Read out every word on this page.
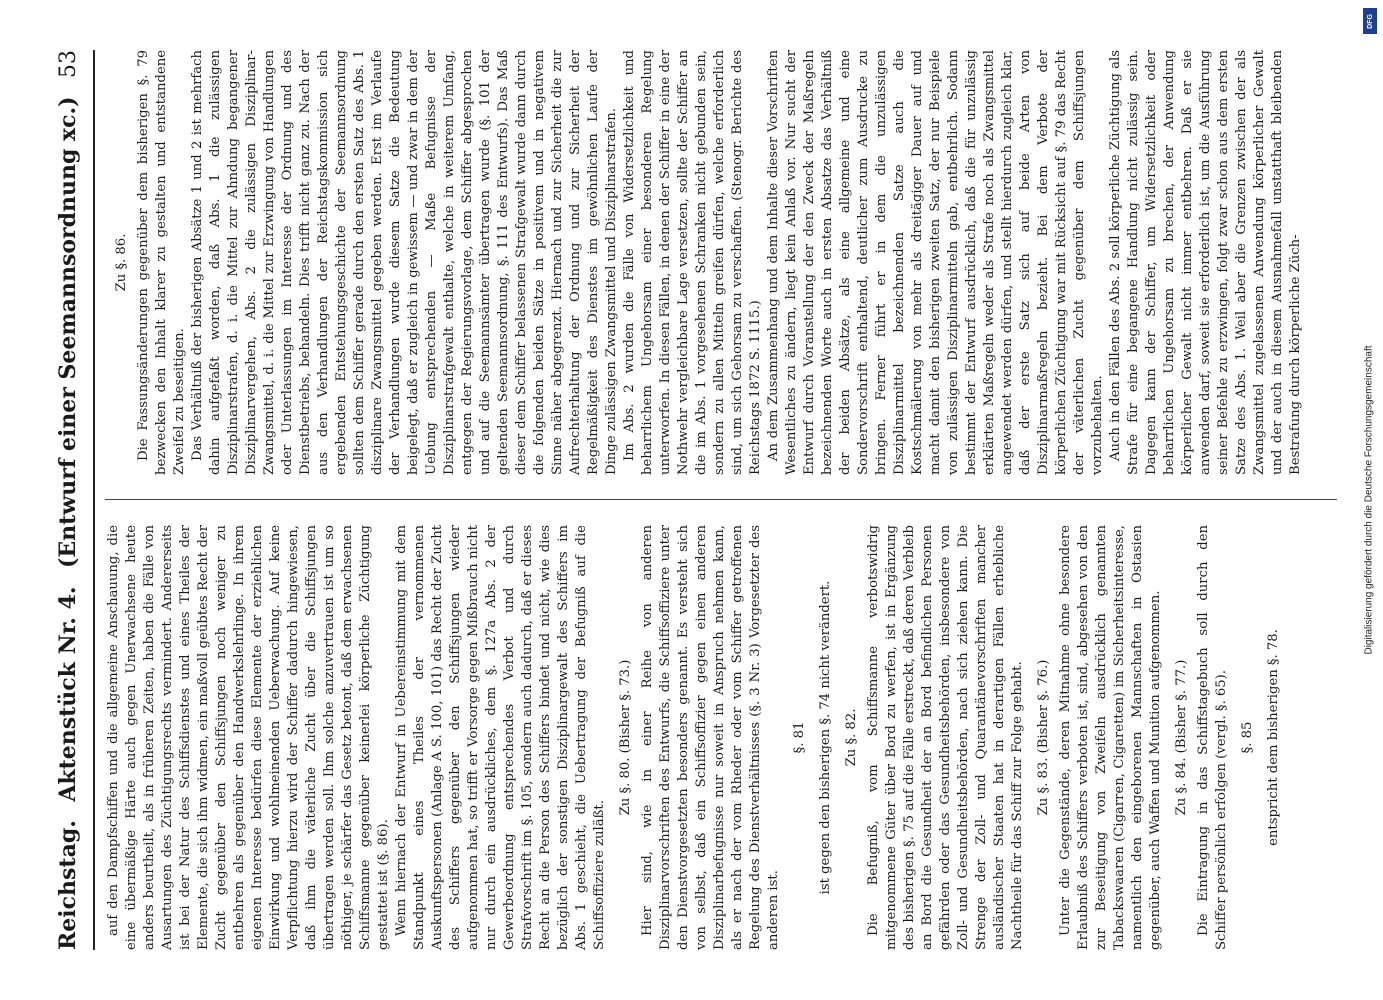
Reichstag.
Aktenstück Nr. 4.
(Entwurf einer Seemannsordnung xc.)
53

auf den Dampfschiffen und die allgemeine Anschauung, die eine übermäßige Härte auch gegen Unerwachsene heute anders beurtheilt, als in früheren Zeiten, haben die Fälle von Ausartungen des Züchtigungsrechts vermindert. Andererseits ist bei der Natur des Schiffsdienstes und eines Theiles der Elemente, die sich ihm widmen, ein maßvoll geübtes Recht der Zucht gegenüber den Schiffsjungen noch weniger zu entbehren als gegenüber den Handwerkslehrlinge. In ihrem eigenen Interesse bedürfen diese Elemente der erziehlichen Einwirkung und wohlmeinenden Ueberwachung. Auf keine Verpflichtung hierzu wird der Schiffer dadurch hingewiesen, daß ihm die väterliche Zucht über die Schiffsjungen übertragen werden soll. Ihm solche anzuvertrauen ist um so nöthiger, je schärfer das Gesetz betont, daß dem erwachsenen Schiffsmanne gegenüber keinerlei körperliche Züchtigung gestattet ist (§. 86). Wenn hiernach der Entwurf in Uebereinstimmung mit dem Standpunkt eines Theiles der vernommenen Auskunftspersonen (Anlage A S. 100, 101) das Recht der Zucht des Schiffers gegenüber den Schiffsjungen wieder aufgenommen hat, so trifft er Vorsorge gegen Mißbrauch nicht nur durch ein ausdrückliches, dem §. 127a Abs. 2 der Gewerbeordnung entsprechendes Verbot und durch Strafvorschrift im §. 105, sondern auch dadurch, daß er dieses Recht an die Person des Schiffers bindet und nicht, wie dies bezüglich der sonstigen Disziplinargewalt des Schiffers im Abs. 1 geschieht, die Uebertragung der Befugniß auf die Schiffsoffiziere zuläßt.

Zu §. 80. (Bisher §. 73.) Hier sind, wie in einer Reihe von anderen Disziplinarvorschriften des Entwurfs, die Schiffsoffiziere unter den Dienstvorgesetzten besonders genannt. Es versteht sich von selbst, daß ein Schiffsoffizier gegen einen anderen Disziplinarbefugnisse nur soweit in Anspruch nehmen kann, als er nach der vom Rheder oder vom Schiffer getroffenen Regelung des Dienstverhältnisses (§. 3 Nr. 3) Vorgesetzter des anderen ist.

§. 81 ist gegen den bisherigen §. 74 nicht verändert. Zu §. 82. Die Befugniß, vom Schiffsmanne verbotswidrig mitgenommene Güter über Bord zu werfen, ist in Ergänzung des bisherigen §. 75 auf die Fälle erstreckt, daß deren Verbleib an Bord die Gesundheit der an Bord befindlichen Personen gefährden oder das Gesundheitsbehörden, insbesondere von Zoll- und Gesundheitsbehörden, nach sich ziehen kann. Die Strenge der Zoll- und Quarantänevorschriften mancher ausländischer Staaten hat in derartigen Fällen erhebliche Nachtheile für das Schiff zur Folge gehabt. Zu §. 83. (Bisher §. 76.) Unter die Gegenstände, deren Mitnahme ohne besondere Erlaubniß des Schiffers verboten ist, sind, abgesehen von den zur Beseitigung von Zweifeln ausdrücklich genannten Tabackswaaren (Cigarren, Cigaretten) im Sicherheitsinteresse, namentlich den eingeborenen Mannschaften in Ostasien gegenüber, auch Waffen und Munition aufgenommen. Zu §. 84. (Bisher §. 77.) Die Eintragung in das Schiffstagebuch soll durch den Schiffer persönlich erfolgen (vergl. §. 65). §. 85 entspricht dem bisherigen §. 78.

Zu §. 86. Die Fassungsänderungen gegenüber dem bisherigen §. 79 bezwecken den Inhalt klarer zu gestalten und entstandene Zweifel zu beseitigen. Das Verhältniß der bisherigen Absätze 1 und 2 ist mehrfach dahin aufgefaßt worden, daß Abs. 1 die zulässigen Disziplinarstrafen, d. i. die Mittel zur Ahndung begangener Disziplinarvergehen, Abs. 2 die zulässigen Disziplinar-Zwangsmittel, d. i. die Mittel zur Erzwingung von Handlungen oder Unterlassungen im Interesse der Ordnung und des Dienstbetriebs, behandeln. Dies trifft nicht ganz zu. Nach der aus den Verhandlungen der Reichstagskommission sich ergebenden Entstehungsgeschichte der Seemannsordnung sollten dem Schiffer gerade durch den ersten Satz des Abs. 1 disziplinare Zwangsmittel gegeben werden. Erst im Verlaufe der Verhandlungen wurde diesem Satze die Bedeutung beigelegt, daß er zugleich in gewissem — und zwar in dem der Uebung entsprechenden — Maße Befugnisse der Disziplinarstrafgewalt enthalte, welche in weiterem Umfang, entgegen der Regierungsvorlage, dem Schiffer abgesprochen und auf die Seemannsämter übertragen wurde (§. 101 der geltenden Seemannsordnung, §. 111 des Entwurfs). Das Maß dieser dem Schiffer belassenen Strafgewalt wurde dann durch die folgenden beiden Sätze in positivem und in negativem Sinne näher abgegrenzt. Hiernach und zur Sicherheit die zur Aufrechterhaltung der Ordnung und zur Sicherheit der Regelmäßigkeit des Dienstes im gewöhnlichen Laufe der Dinge zulässigen Zwangsmittel und Disziplinarstrafen. Im Abs. 2 wurden die Fälle von Widersetzlichkeit und beharrlichem Ungehorsam einer besonderen Regelung unterworfen. In diesen Fällen, in denen der Schiffer in eine der Nothwehr vergleichbare Lage versetzen, sollte der Schiffer an die im Abs. 1 vorgesehenen Schranken nicht gebunden sein, sondern zu allen Mitteln greifen dürfen, welche erforderlich sind, um sich Gehorsam zu verschaffen. (Stenogr. Berichte des Reichstags 1872 S. 1115.) An dem Zusammenhang und dem Inhalte dieser Vorschriften Wesentliches zu ändern, liegt kein Anlaß vor. Nur sucht der Entwurf durch Voranstellung der den Zweck der Maßregeln bezeichnenden Worte auch in ersten Absatze das Verhältniß der beiden Absätze, als eine allgemeine und eine Sondervorschrift enthaltend, deutlicher zum Ausdrucke zu bringen. Ferner führt er in dem die unzulässigen Disziplinarmittel bezeichnenden Satze auch die Kostschmälerung von mehr als dreitägiger Dauer auf und macht damit den bisherigen zweiten Satz, der nur Beispiele von zulässigen Disziplinarmitteln gab, entbehrlich. Sodann bestimmt der Entwurf ausdrücklich, daß die für unzulässig erklärten Maßregeln weder als Strafe noch als Zwangsmittel angewendet werden dürfen, und stellt hierdurch zugleich klar, daß der erste Satz sich auf beide Arten von Disziplinarmaßregeln bezieht. Bei dem Verbote der körperlichen Züchtigung war mit Rücksicht auf §. 79 das Recht der väterlichen Zucht gegenüber dem Schiffsjungen vorzubehalten. Auch in den Fällen des Abs. 2 soll körperliche Züchtigung als Strafe für eine begangene Handlung nicht zulässig sein. Dagegen kann der Schiffer, um Widersetzlichkeit oder beharrlichen Ungehorsam zu brechen, der Anwendung körperlicher Gewalt nicht immer entbehren. Daß er sie anwenden darf, soweit sie erforderlich ist, um die Ausführung seiner Befehle zu erzwingen, folgt zwar schon aus dem ersten Satze des Abs. 1. Weil aber die Grenzen zwischen der als Zwangsmittel zugelassenen Anwendung körperlicher Gewalt und der auch in diesem Ausnahmefall unstatthaft bleibenden Bestrafung durch körperliche Züch-

DFG
Digitalisierung gefördert durch die Deutsche Forschungsgemeinschaft
